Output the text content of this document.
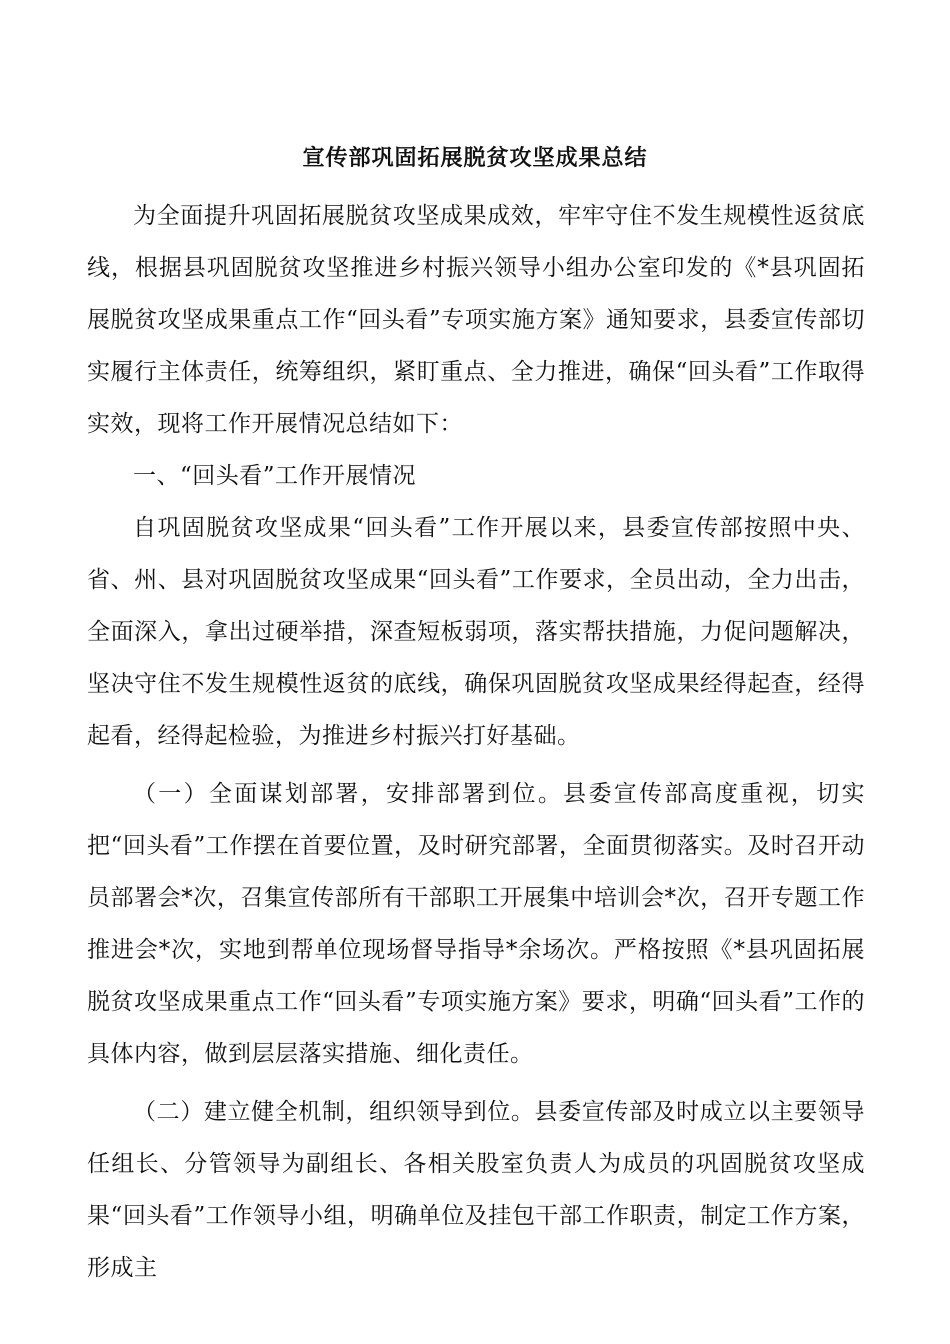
宣传部巩固拓展脱贫攻坚成果总结

为全面提升巩固拓展脱贫攻坚成果成效，牢牢守住不发生规模性返贫底线，根据县巩固脱贫攻坚推进乡村振兴领导小组办公室印发的《*县巩固拓展脱贫攻坚成果重点工作“回头看”专项实施方案》通知要求，县委宣传部切实履行主体责任，统筹组织，紧盯重点、全力推进，确保“回头看”工作取得实效，现将工作开展情况总结如下：

一、“回头看”工作开展情况

自巩固脱贫攻坚成果“回头看”工作开展以来，县委宣传部按照中央、省、州、县对巩固脱贫攻坚成果“回头看”工作要求，全员出动，全力出击，全面深入，拿出过硬举措，深查短板弱项，落实帮扶措施，力促问题解决，坚决守住不发生规模性返贫的底线，确保巩固脱贫攻坚成果经得起查，经得起看，经得起检验，为推进乡村振兴打好基础。

（一）全面谋划部署，安排部署到位。县委宣传部高度重视，切实把“回头看”工作摆在首要位置，及时研究部署，全面贯彻落实。及时召开动员部署会*次，召集宣传部所有干部职工开展集中培训会*次，召开专题工作推进会*次，实地到帮单位现场督导指导*余场次。严格按照《*县巩固拓展脱贫攻坚成果重点工作“回头看”专项实施方案》要求，明确“回头看”工作的具体内容，做到层层落实措施、细化责任。

（二）建立健全机制，组织领导到位。县委宣传部及时成立以主要领导任组长、分管领导为副组长、各相关股室负责人为成员的巩固脱贫攻坚成果“回头看”工作领导小组，明确单位及挂包干部工作职责，制定工作方案，形成主
